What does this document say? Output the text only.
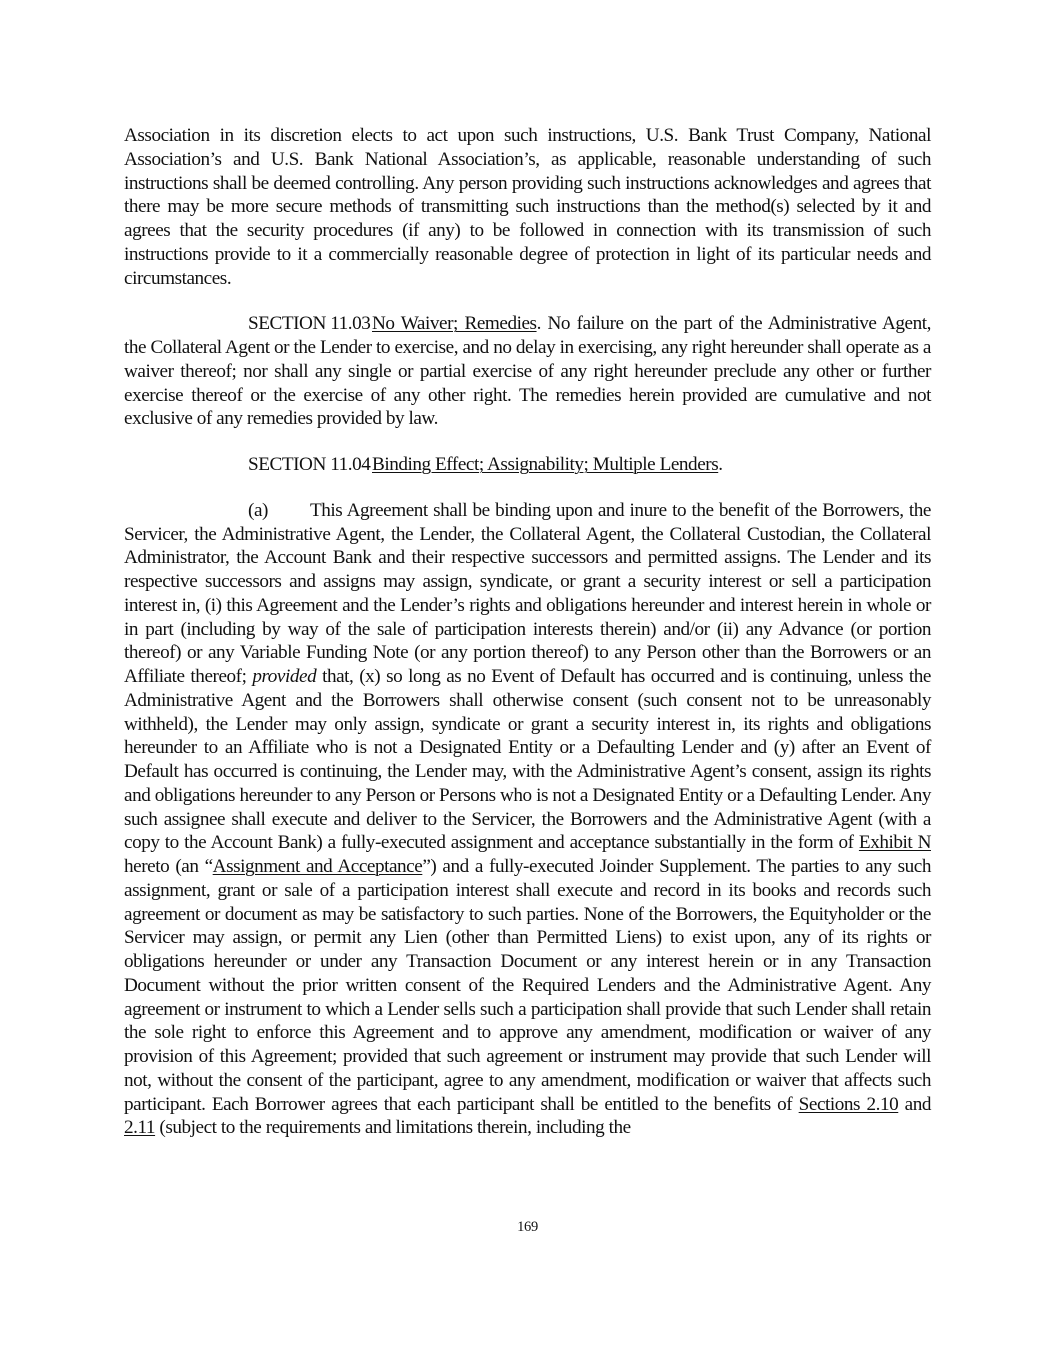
Association in its discretion elects to act upon such instructions, U.S. Bank Trust Company, National Association’s and U.S. Bank National Association’s, as applicable, reasonable understanding of such instructions shall be deemed controlling. Any person providing such instructions acknowledges and agrees that there may be more secure methods of transmitting such instructions than the method(s) selected by it and agrees that the security procedures (if any) to be followed in connection with its transmission of such instructions provide to it a commercially reasonable degree of protection in light of its particular needs and circumstances.

SECTION 11.03No Waiver; Remedies. No failure on the part of the Administrative Agent, the Collateral Agent or the Lender to exercise, and no delay in exercising, any right hereunder shall operate as a waiver thereof; nor shall any single or partial exercise of any right hereunder preclude any other or further exercise thereof or the exercise of any other right. The remedies herein provided are cumulative and not exclusive of any remedies provided by law.

SECTION 11.04Binding Effect; Assignability; Multiple Lenders.

(a) This Agreement shall be binding upon and inure to the benefit of the Borrowers, the Servicer, the Administrative Agent, the Lender, the Collateral Agent, the Collateral Custodian, the Collateral Administrator, the Account Bank and their respective successors and permitted assigns. The Lender and its respective successors and assigns may assign, syndicate, or grant a security interest or sell a participation interest in, (i) this Agreement and the Lender’s rights and obligations hereunder and interest herein in whole or in part (including by way of the sale of participation interests therein) and/or (ii) any Advance (or portion thereof) or any Variable Funding Note (or any portion thereof) to any Person other than the Borrowers or an Affiliate thereof; provided that, (x) so long as no Event of Default has occurred and is continuing, unless the Administrative Agent and the Borrowers shall otherwise consent (such consent not to be unreasonably withheld), the Lender may only assign, syndicate or grant a security interest in, its rights and obligations hereunder to an Affiliate who is not a Designated Entity or a Defaulting Lender and (y) after an Event of Default has occurred is continuing, the Lender may, with the Administrative Agent’s consent, assign its rights and obligations hereunder to any Person or Persons who is not a Designated Entity or a Defaulting Lender. Any such assignee shall execute and deliver to the Servicer, the Borrowers and the Administrative Agent (with a copy to the Account Bank) a fully-executed assignment and acceptance substantially in the form of Exhibit N hereto (an “Assignment and Acceptance”) and a fully-executed Joinder Supplement. The parties to any such assignment, grant or sale of a participation interest shall execute and record in its books and records such agreement or document as may be satisfactory to such parties. None of the Borrowers, the Equityholder or the Servicer may assign, or permit any Lien (other than Permitted Liens) to exist upon, any of its rights or obligations hereunder or under any Transaction Document or any interest herein or in any Transaction Document without the prior written consent of the Required Lenders and the Administrative Agent. Any agreement or instrument to which a Lender sells such a participation shall provide that such Lender shall retain the sole right to enforce this Agreement and to approve any amendment, modification or waiver of any provision of this Agreement; provided that such agreement or instrument may provide that such Lender will not, without the consent of the participant, agree to any amendment, modification or waiver that affects such participant. Each Borrower agrees that each participant shall be entitled to the benefits of Sections 2.10 and 2.11 (subject to the requirements and limitations therein, including the

169
